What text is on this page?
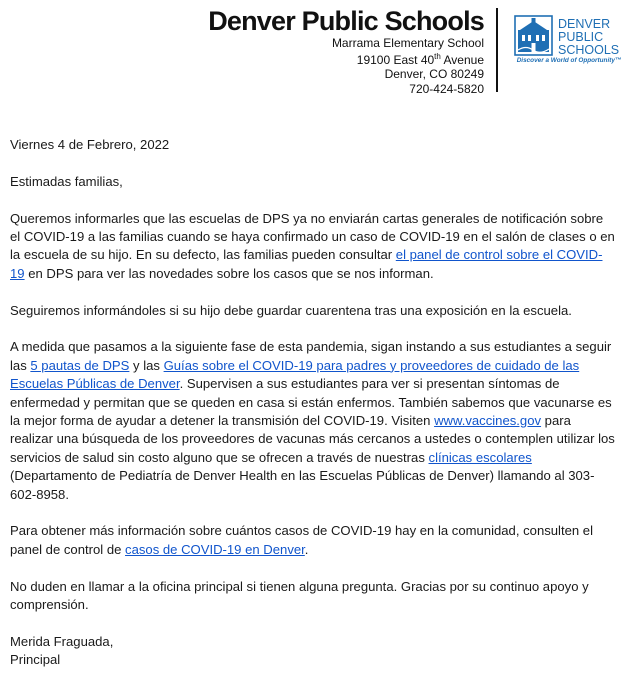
Denver Public Schools
Marrama Elementary School
19100 East 40th Avenue
Denver, CO 80249
720-424-5820
DENVER
PUBLIC
SCHOOLS
Discover a World of Opportunity™

Viernes 4 de Febrero, 2022

Estimadas familias,

Queremos informarles que las escuelas de DPS ya no enviarán cartas generales de notificación sobre el COVID-19 a las familias cuando se haya confirmado un caso de COVID-19 en el salón de clases o en la escuela de su hijo. En su defecto, las familias pueden consultar el panel de control sobre el COVID-19 en DPS para ver las novedades sobre los casos que se nos informan.

Seguiremos informándoles si su hijo debe guardar cuarentena tras una exposición en la escuela.

A medida que pasamos a la siguiente fase de esta pandemia, sigan instando a sus estudiantes a seguir las 5 pautas de DPS y las Guías sobre el COVID-19 para padres y proveedores de cuidado de las Escuelas Públicas de Denver. Supervisen a sus estudiantes para ver si presentan síntomas de enfermedad y permitan que se queden en casa si están enfermos. También sabemos que vacunarse es la mejor forma de ayudar a detener la transmisión del COVID-19. Visiten www.vaccines.gov para realizar una búsqueda de los proveedores de vacunas más cercanos a ustedes o contemplen utilizar los servicios de salud sin costo alguno que se ofrecen a través de nuestras clínicas escolares (Departamento de Pediatría de Denver Health en las Escuelas Públicas de Denver) llamando al 303-602-8958.

Para obtener más información sobre cuántos casos de COVID-19 hay en la comunidad, consulten el panel de control de casos de COVID-19 en Denver.

No duden en llamar a la oficina principal si tienen alguna pregunta. Gracias por su continuo apoyo y comprensión.

Merida Fraguada,
Principal
